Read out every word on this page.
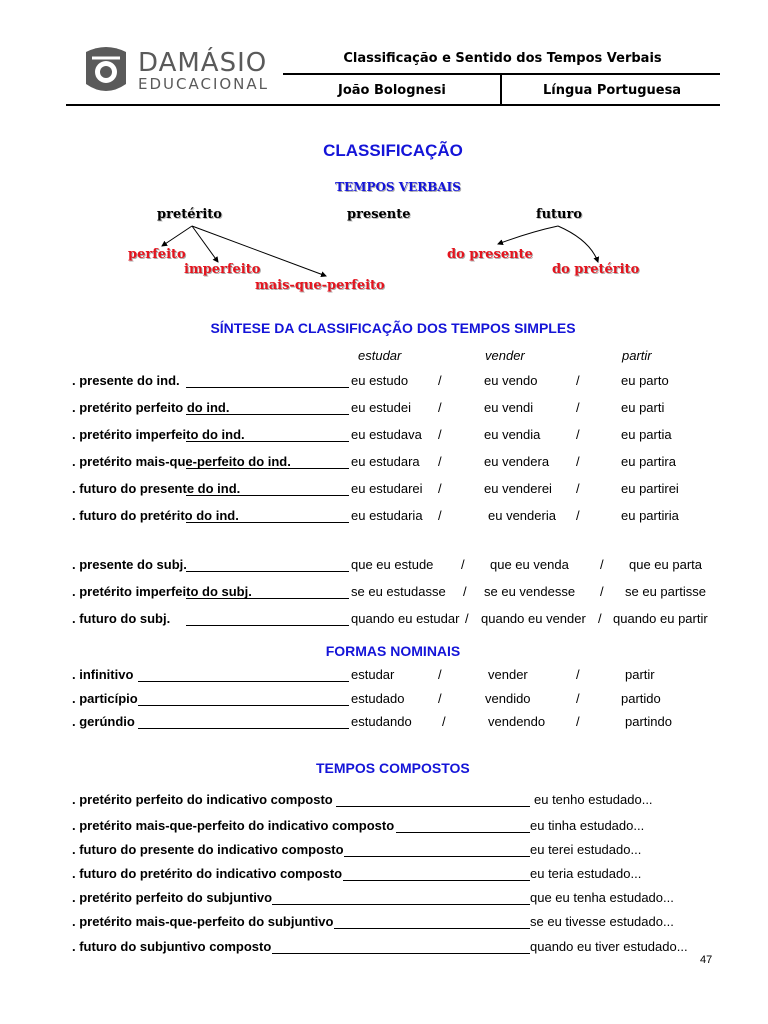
DAMÁSIO
EDUCACIONAL
Classificação e Sentido dos Tempos Verbais
João Bolognesi	Língua Portuguesa
CLASSIFICAÇÃO
TEMPOS VERBAIS
pretérito	presente	futuro
perfeito
imperfeito
mais-que-perfeito
do presente
do pretérito
SÍNTESE DA CLASSIFICAÇÃO DOS TEMPOS SIMPLES
estudar	vender	partir
. presente do ind.	eu estudo /	eu vendo	/	eu parto
. pretérito perfeito do ind.	eu estudei /	eu vendi	/	eu parti
. pretérito imperfeito do ind.	eu estudava /	eu vendia	/	eu partia
. pretérito mais-que-perfeito do ind.	eu estudara /	eu vendera /	eu partira
. futuro do presente do ind.	eu estudarei /	eu venderei /	eu partirei
. futuro do pretérito do ind.	eu estudaria /	eu venderia /	eu partiria
. presente do subj.	que eu estude / que eu venda / que eu parta
. pretérito imperfeito do subj.	se eu estudasse / se eu vendesse / se eu partisse
. futuro do subj.	quando eu estudar / quando eu vender / quando eu partir
FORMAS NOMINAIS
. infinitivo	estudar	/	vender	/	partir
. particípio	estudado	/	vendido	/	partido
. gerúndio	estudando /	vendendo /	partindo
TEMPOS COMPOSTOS
. pretérito perfeito do indicativo composto	eu tenho estudado...
. pretérito mais-que-perfeito do indicativo composto	eu tinha estudado...
. futuro do presente do indicativo composto	eu terei estudado...
. futuro do pretérito do indicativo composto	eu teria estudado...
. pretérito perfeito do subjuntivo	que eu tenha estudado...
. pretérito mais-que-perfeito do subjuntivo	se eu tivesse estudado...
. futuro do subjuntivo composto	quando eu tiver estudado...
47
